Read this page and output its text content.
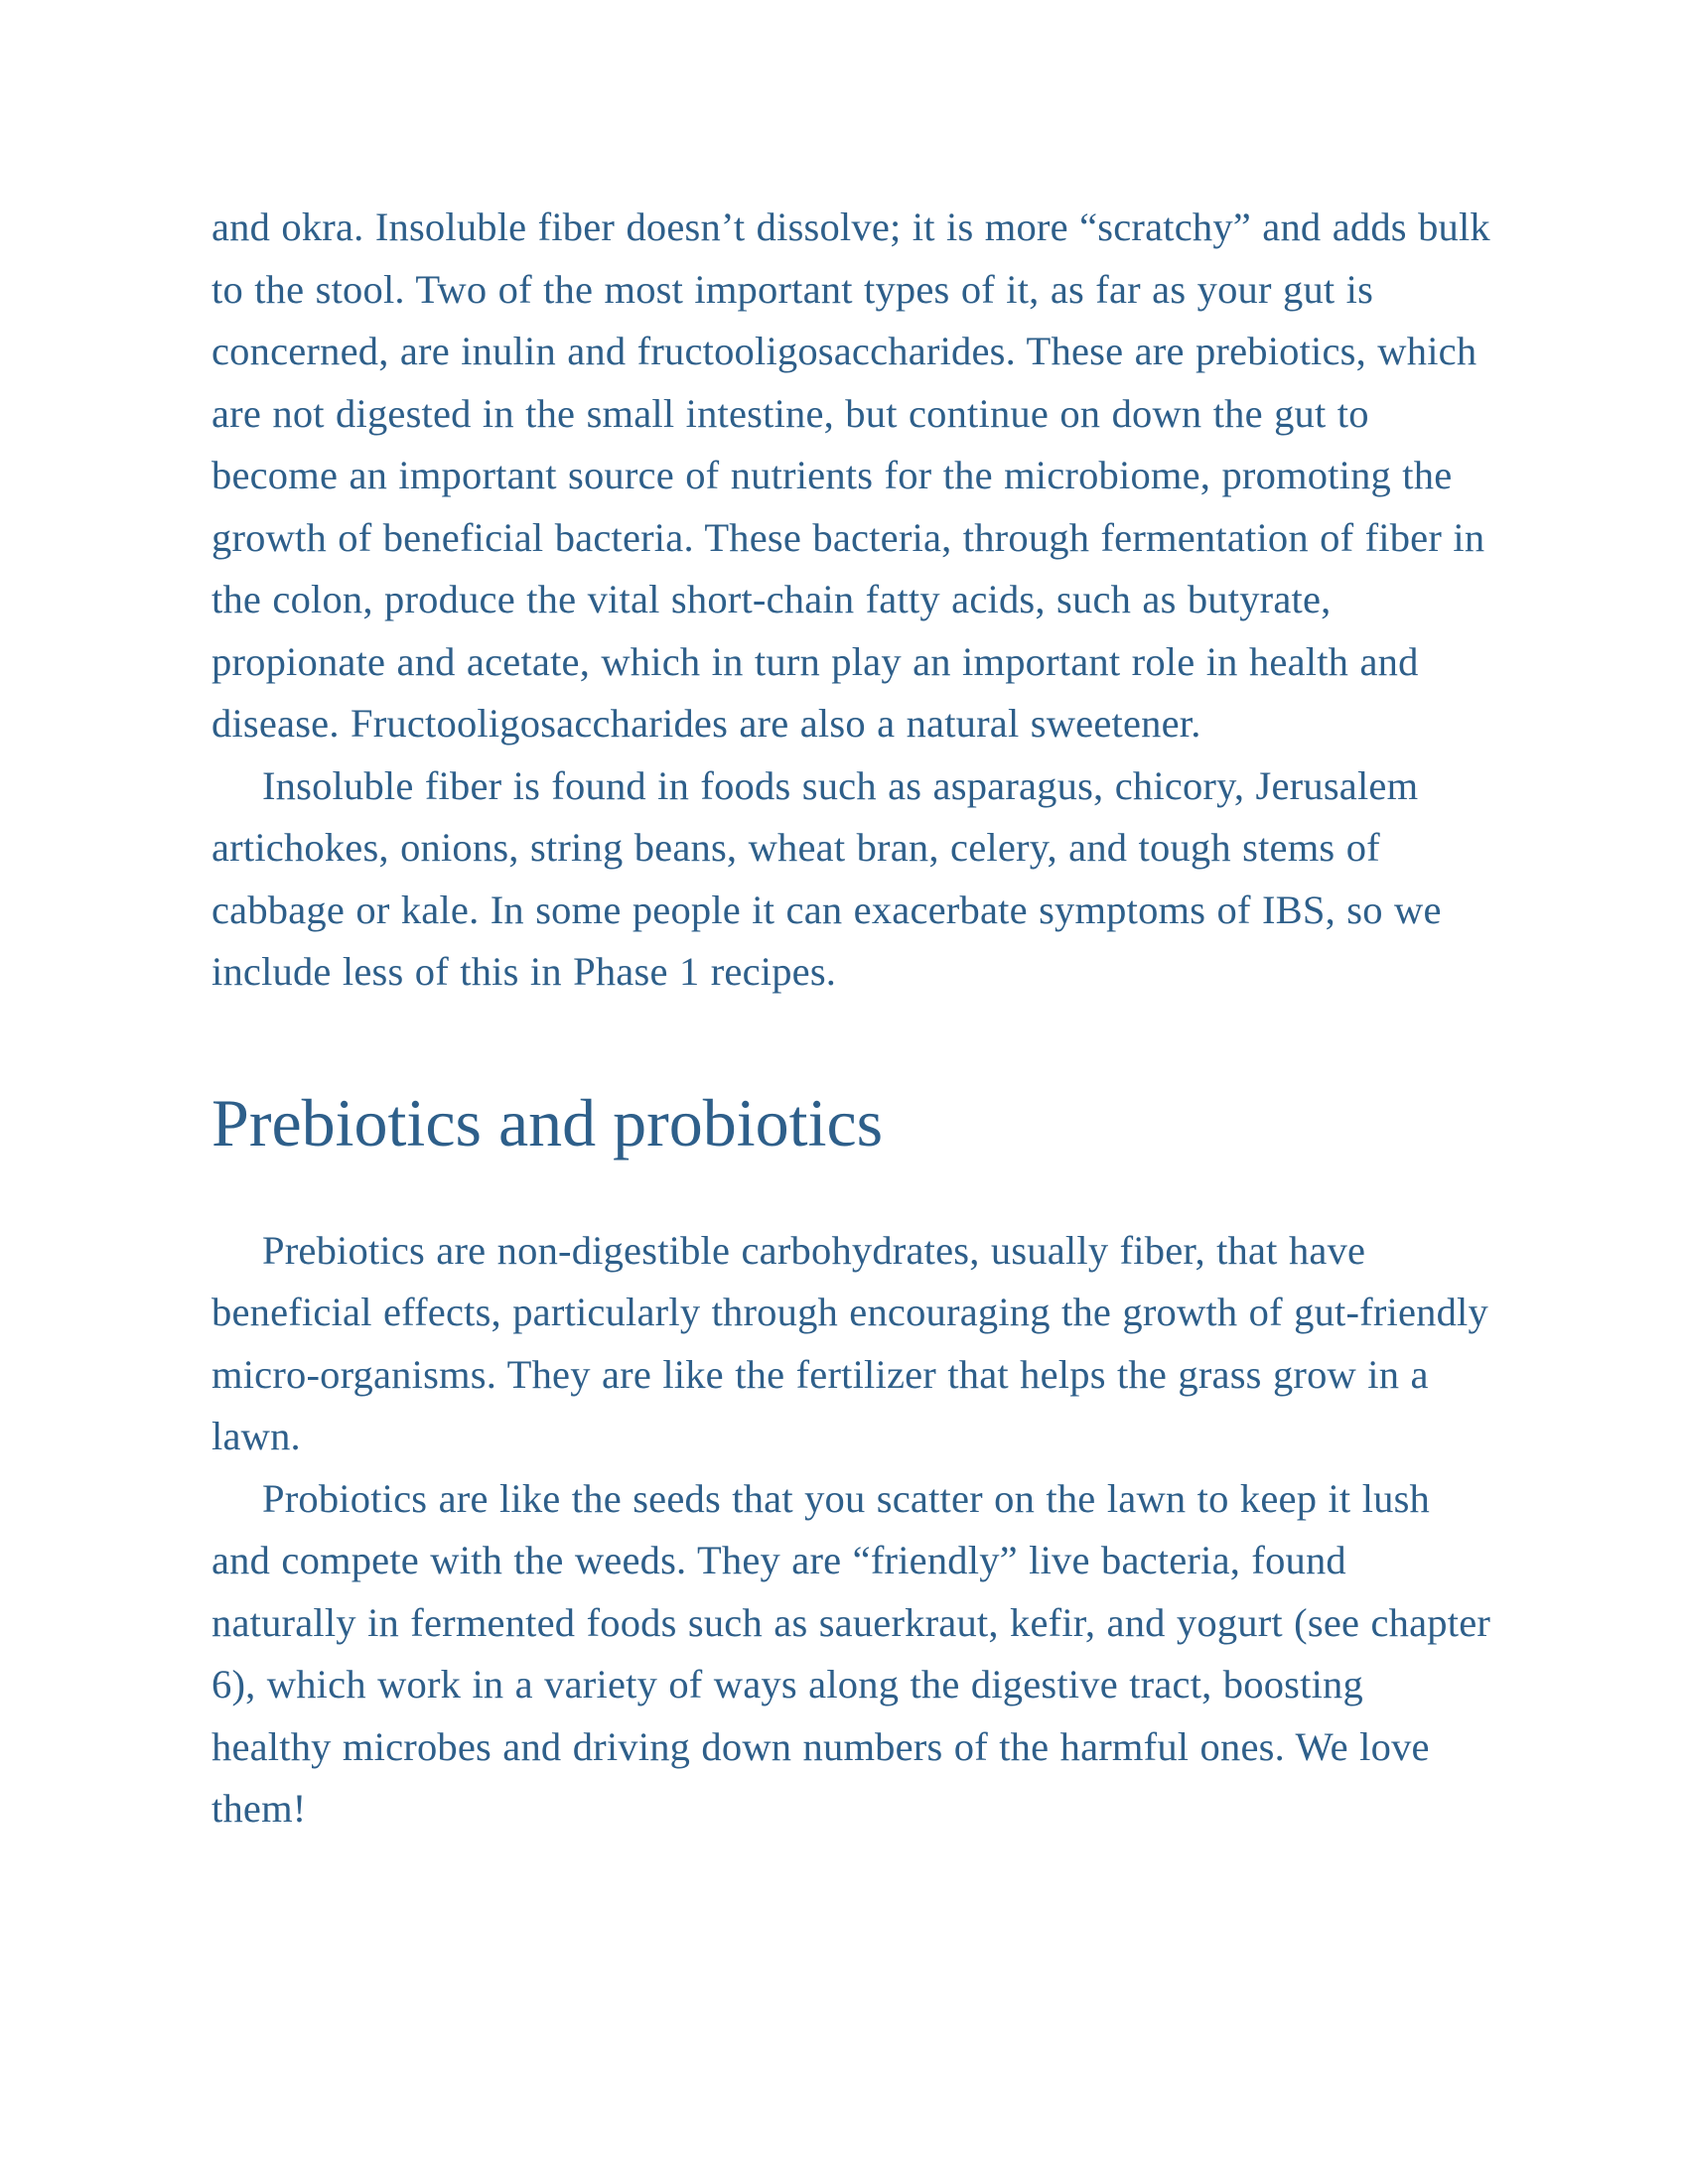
and okra. Insoluble fiber doesn’t dissolve; it is more “scratchy” and adds bulk to the stool. Two of the most important types of it, as far as your gut is concerned, are inulin and fructooligosaccharides. These are prebiotics, which are not digested in the small intestine, but continue on down the gut to become an important source of nutrients for the microbiome, promoting the growth of beneficial bacteria. These bacteria, through fermentation of fiber in the colon, produce the vital short-chain fatty acids, such as butyrate, propionate and acetate, which in turn play an important role in health and disease. Fructooligosaccharides are also a natural sweetener.

Insoluble fiber is found in foods such as asparagus, chicory, Jerusalem artichokes, onions, string beans, wheat bran, celery, and tough stems of cabbage or kale. In some people it can exacerbate symptoms of IBS, so we include less of this in Phase 1 recipes.

Prebiotics and probiotics

Prebiotics are non-digestible carbohydrates, usually fiber, that have beneficial effects, particularly through encouraging the growth of gut-friendly micro-organisms. They are like the fertilizer that helps the grass grow in a lawn.

Probiotics are like the seeds that you scatter on the lawn to keep it lush and compete with the weeds. They are “friendly” live bacteria, found naturally in fermented foods such as sauerkraut, kefir, and yogurt (see chapter 6), which work in a variety of ways along the digestive tract, boosting healthy microbes and driving down numbers of the harmful ones. We love them!
